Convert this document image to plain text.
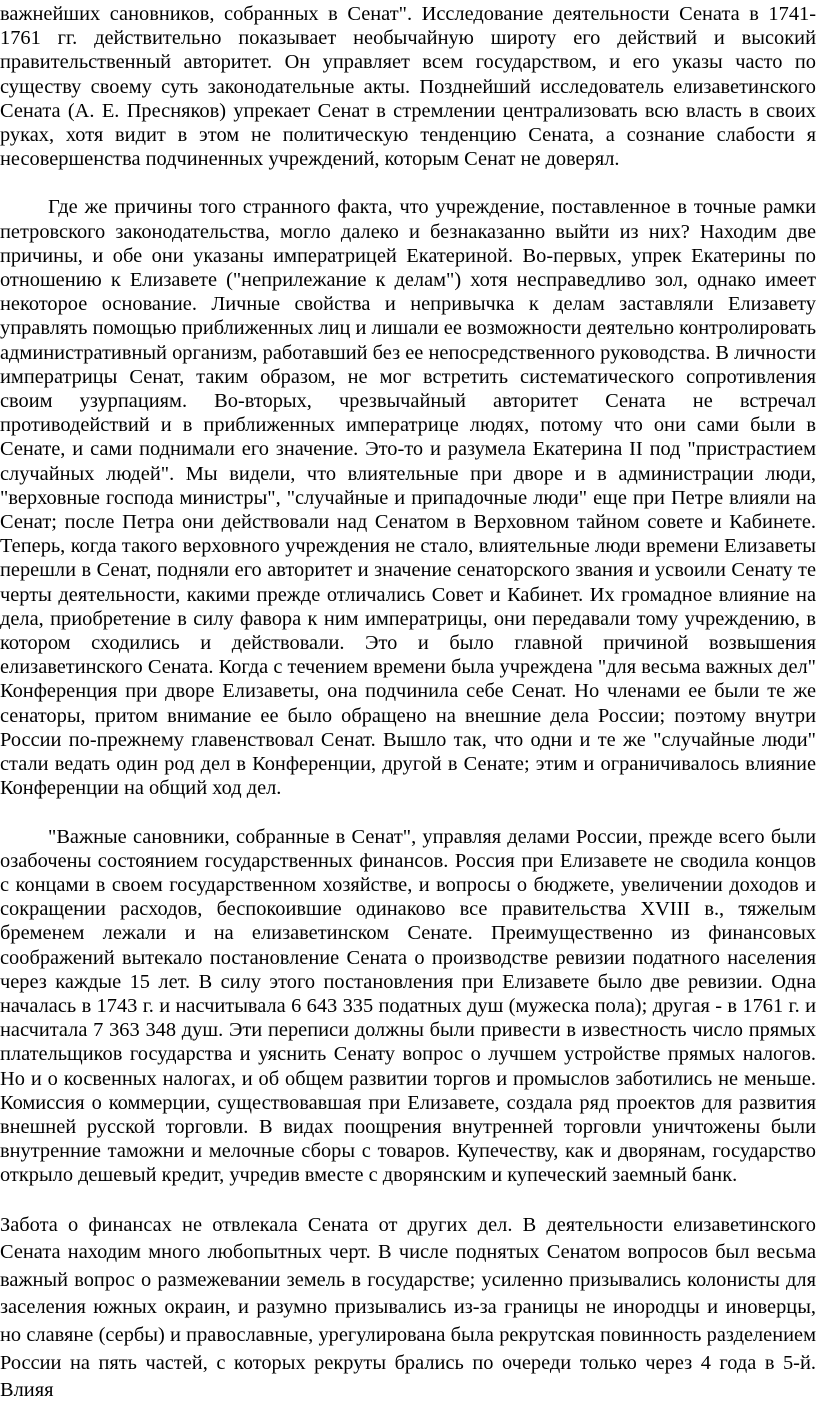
важнейших сановников, собранных в Сенат". Исследование деятельности Сената в 1741-1761 гг. действительно показывает необычайную широту его действий и высокий правительственный авторитет. Он управляет всем государством, и его указы часто по существу своему суть законодательные акты. Позднейший исследователь елизаветинского Сената (А. Е. Пресняков) упрекает Сенат в стремлении централизовать всю власть в своих руках, хотя видит в этом не политическую тенденцию Сената, а сознание слабости я несовершенства подчиненных учреждений, которым Сенат не доверял.

Где же причины того странного факта, что учреждение, поставленное в точные рамки петровского законодательства, могло далеко и безнаказанно выйти из них? Находим две причины, и обе они указаны императрицей Екатериной. Во-первых, упрек Екатерины по отношению к Елизавете ("неприлежание к делам") хотя несправедливо зол, однако имеет некоторое основание. Личные свойства и непривычка к делам заставляли Елизавету управлять помощью приближенных лиц и лишали ее возможности деятельно контролировать административный организм, работавший без ее непосредственного руководства. В личности императрицы Сенат, таким образом, не мог встретить систематического сопротивления своим узурпациям. Во-вторых, чрезвычайный авторитет Сената не встречал противодействий и в приближенных императрице людях, потому что они сами были в Сенате, и сами поднимали его значение. Это-то и разумела Екатерина II под "пристрастием случайных людей". Мы видели, что влиятельные при дворе и в администрации люди, "верховные господа министры", "случайные и припадочные люди" еще при Петре влияли на Сенат; после Петра они действовали над Сенатом в Верховном тайном совете и Кабинете. Теперь, когда такого верховного учреждения не стало, влиятельные люди времени Елизаветы перешли в Сенат, подняли его авторитет и значение сенаторского звания и усвоили Сенату те черты деятельности, какими прежде отличались Совет и Кабинет. Их громадное влияние на дела, приобретение в силу фавора к ним императрицы, они передавали тому учреждению, в котором сходились и действовали. Это и было главной причиной возвышения елизаветинского Сената. Когда с течением времени была учреждена "для весьма важных дел" Конференция при дворе Елизаветы, она подчинила себе Сенат. Но членами ее были те же сенаторы, притом внимание ее было обращено на внешние дела России; поэтому внутри России по-прежнему главенствовал Сенат. Вышло так, что одни и те же "случайные люди" стали ведать один род дел в Конференции, другой в Сенате; этим и ограничивалось влияние Конференции на общий ход дел.

"Важные сановники, собранные в Сенат", управляя делами России, прежде всего были озабочены состоянием государственных финансов. Россия при Елизавете не сводила концов с концами в своем государственном хозяйстве, и вопросы о бюджете, увеличении доходов и сокращении расходов, беспокоившие одинаково все правительства XVIII в., тяжелым бременем лежали и на елизаветинском Сенате. Преимущественно из финансовых соображений вытекало постановление Сената о производстве ревизии податного населения через каждые 15 лет. В силу этого постановления при Елизавете было две ревизии. Одна началась в 1743 г. и насчитывала 6 643 335 податных душ (мужеска пола); другая - в 1761 г. и насчитала 7 363 348 душ. Эти переписи должны были привести в известность число прямых плательщиков государства и уяснить Сенату вопрос о лучшем устройстве прямых налогов. Но и о косвенных налогах, и об общем развитии торгов и промыслов заботились не меньше. Комиссия о коммерции, существовавшая при Елизавете, создала ряд проектов для развития внешней русской торговли. В видах поощрения внутренней торговли уничтожены были внутренние таможни и мелочные сборы с товаров. Купечеству, как и дворянам, государство открыло дешевый кредит, учредив вместе с дворянским и купеческий заемный банк.

Забота о финансах не отвлекала Сената от других дел. В деятельности елизаветинского Сената находим много любопытных черт. В числе поднятых Сенатом вопросов был весьма важный вопрос о размежевании земель в государстве; усиленно призывались колонисты для заселения южных окраин, и разумно призывались из-за границы не инородцы и иноверцы, но славяне (сербы) и православные, урегулирована была рекрутская повинность разделением России на пять частей, с которых рекруты брались по очереди только через 4 года в 5-й. Влияя
